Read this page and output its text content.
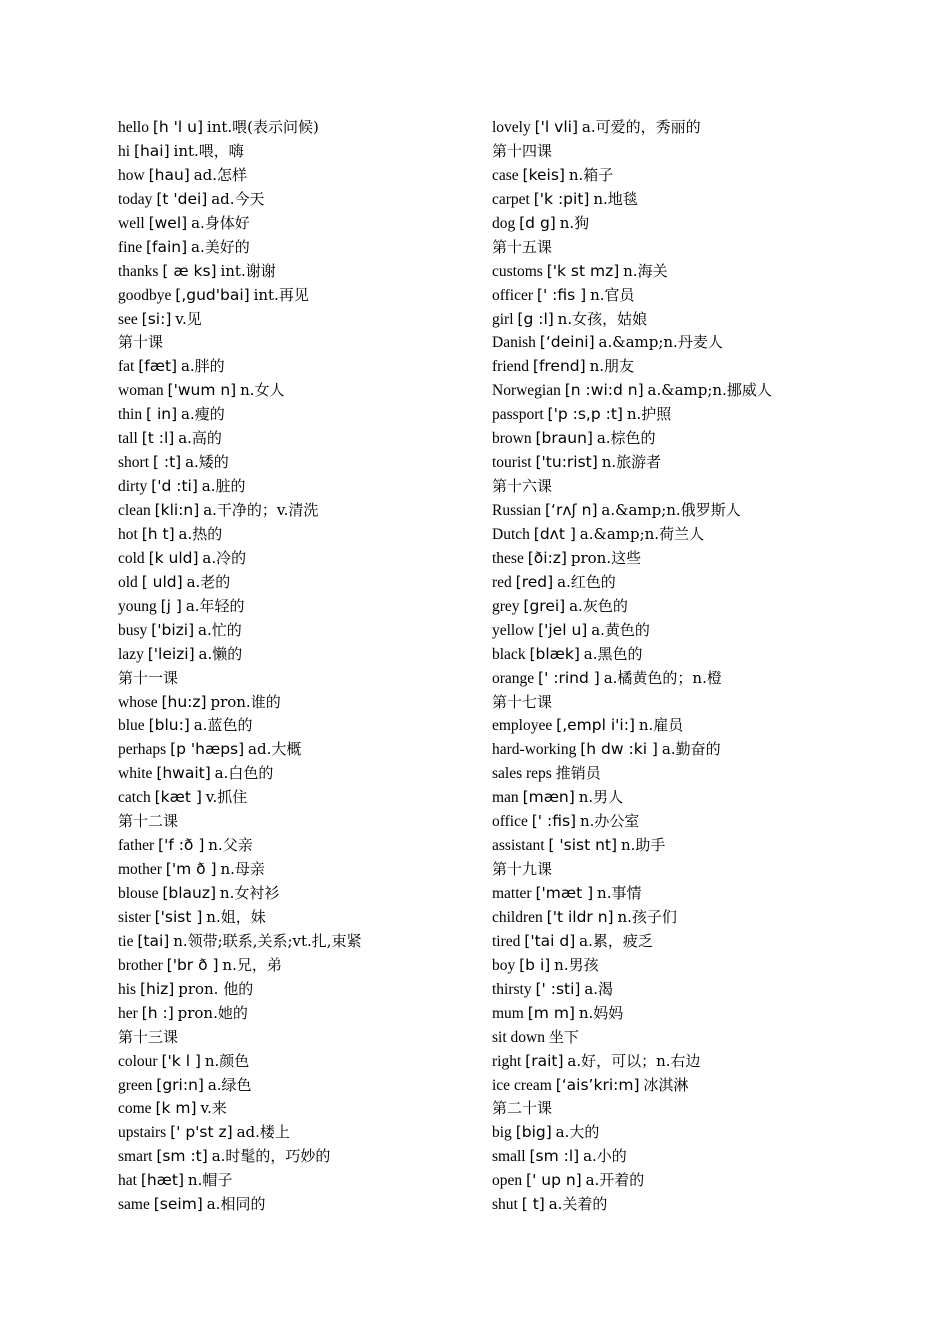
hello [h 'l u] int.喂(表示问候)
hi [hai] int.喂，嗨
how [hau] ad.怎样
today [t 'dei] ad.今天
well [wel] a.身体好
fine [fain] a.美好的
thanks [ æ ks] int.谢谢
goodbye [,gud'bai] int.再见
see [si:] v.见
第十课
fat [fæt] a.胖的
woman ['wum n] n.女人
thin [ in] a.瘦的
tall [t :l] a.高的
short [ :t] a.矮的
dirty ['d :ti] a.脏的
clean [kli:n] a.干净的；v.清洗
hot [h t] a.热的
cold [k uld] a.冷的
old [ uld] a.老的
young [j ] a.年轻的
busy ['bizi] a.忙的
lazy ['leizi] a.懒的
第十一课
whose [hu:z] pron.谁的
blue [blu:] a.蓝色的
perhaps [p 'hæps] ad.大概
white [hwait] a.白色的
catch [kæt ] v.抓住
第十二课
father ['f :ð ] n.父亲
mother ['m ð ] n.母亲
blouse [blauz] n.女衬衫
sister ['sist ] n.姐，妹
tie [tai] n.领带;联系,关系;vt.扎,束紧
brother ['br ð ] n.兄，弟
his [hiz] pron. 他的
her [h :] pron.她的
第十三课
colour ['k l ] n.颜色
green [gri:n] a.绿色
come [k m] v.来
upstairs [' p'st z] ad.楼上
smart [sm :t] a.时髦的，巧妙的
hat [hæt] n.帽子
same [seim] a.相同的
lovely ['l vli] a.可爱的，秀丽的
第十四课
case [keis] n.箱子
carpet ['k :pit] n.地毯
dog [d g] n.狗
第十五课
customs ['k st mz] n.海关
officer [' :fis ] n.官员
girl [g :l] n.女孩，姑娘
Danish [‘deini] a.&amp;n.丹麦人
friend [frend] n.朋友
Norwegian [n :wi:d n] a.&amp;n.挪威人
passport ['p :s,p :t] n.护照
brown [braun] a.棕色的
tourist ['tu:rist] n.旅游者
第十六课
Russian [‘rʌʃ n] a.&amp;n.俄罗斯人
Dutch [dʌt ] a.&amp;n.荷兰人
these [ði:z] pron.这些
red [red] a.红色的
grey [grei] a.灰色的
yellow ['jel u] a.黄色的
black [blæk] a.黑色的
orange [' :rind ] a.橘黄色的；n.橙
第十七课
employee [,empl i'i:] n.雇员
hard-working [h dw :ki ] a.勤奋的
sales reps 推销员
man [mæn] n.男人
office [' :fis] n.办公室
assistant [ 'sist nt] n.助手
第十九课
matter ['mæt ] n.事情
children ['t ildr n] n.孩子们
tired ['tai d] a.累，疲乏
boy [b i] n.男孩
thirsty [' :sti] a.渴
mum [m m] n.妈妈
sit down 坐下
right [rait] a.好，可以；n.右边
ice cream [‘ais’kri:m] 冰淇淋
第二十课
big [big] a.大的
small [sm :l] a.小的
open [' up n] a.开着的
shut [ t] a.关着的
